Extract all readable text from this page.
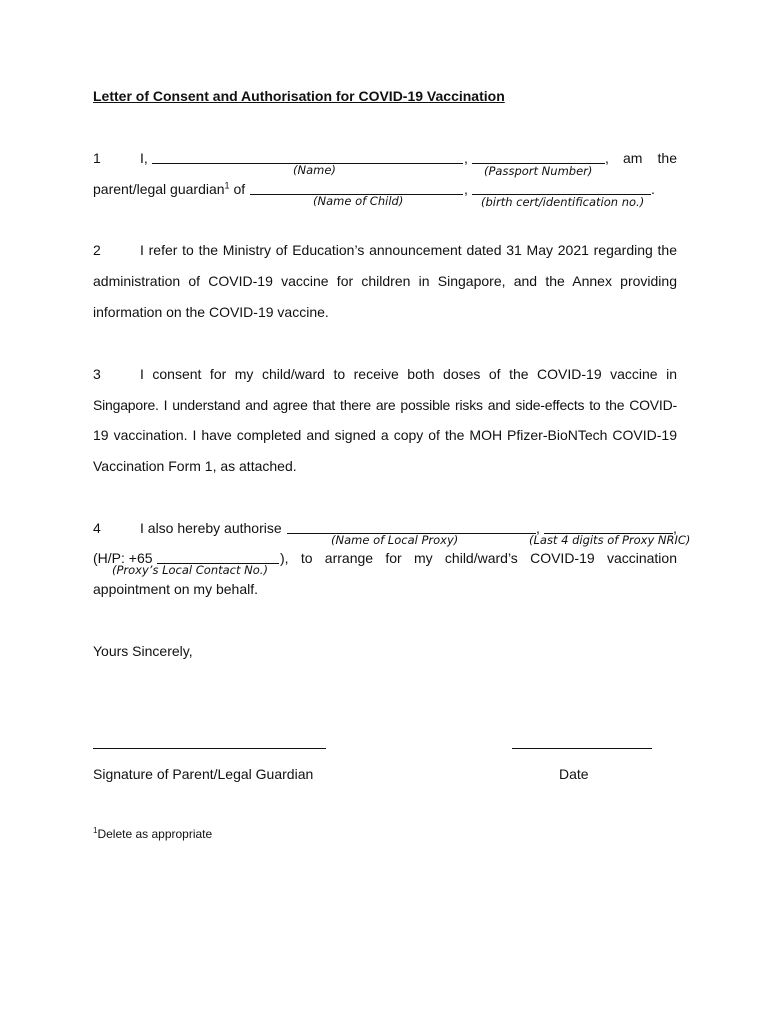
Letter of Consent and Authorisation for COVID-19 Vaccination
1	I,	,	, am the
(Name)	(Passport Number)
parent/legal guardian$^1$ of	,	.
(Name of Child)	(birth cert/identification no.)
2	I refer to the Ministry of Education’s announcement dated 31 May 2021 regarding the
administration of COVID-19 vaccine for children in Singapore, and the Annex providing
information on the COVID-19 vaccine.
3	I consent for my child/ward to receive both doses of the COVID-19 vaccine in
Singapore. I understand and agree that there are possible risks and side-effects to the COVID-
19 vaccination. I have completed and signed a copy of the MOH Pfizer-BioNTech COVID-19
Vaccination Form 1, as attached.
4	I also hereby authorise	,	,
(Name of Local Proxy)	(Last 4 digits of Proxy NRIC)
(H/P: +65	), to arrange for my child/ward’s COVID-19 vaccination
(Proxy’s Local Contact No.)
appointment on my behalf.
Yours Sincerely,
Signature of Parent/Legal Guardian	Date
$^1$Delete as appropriate
